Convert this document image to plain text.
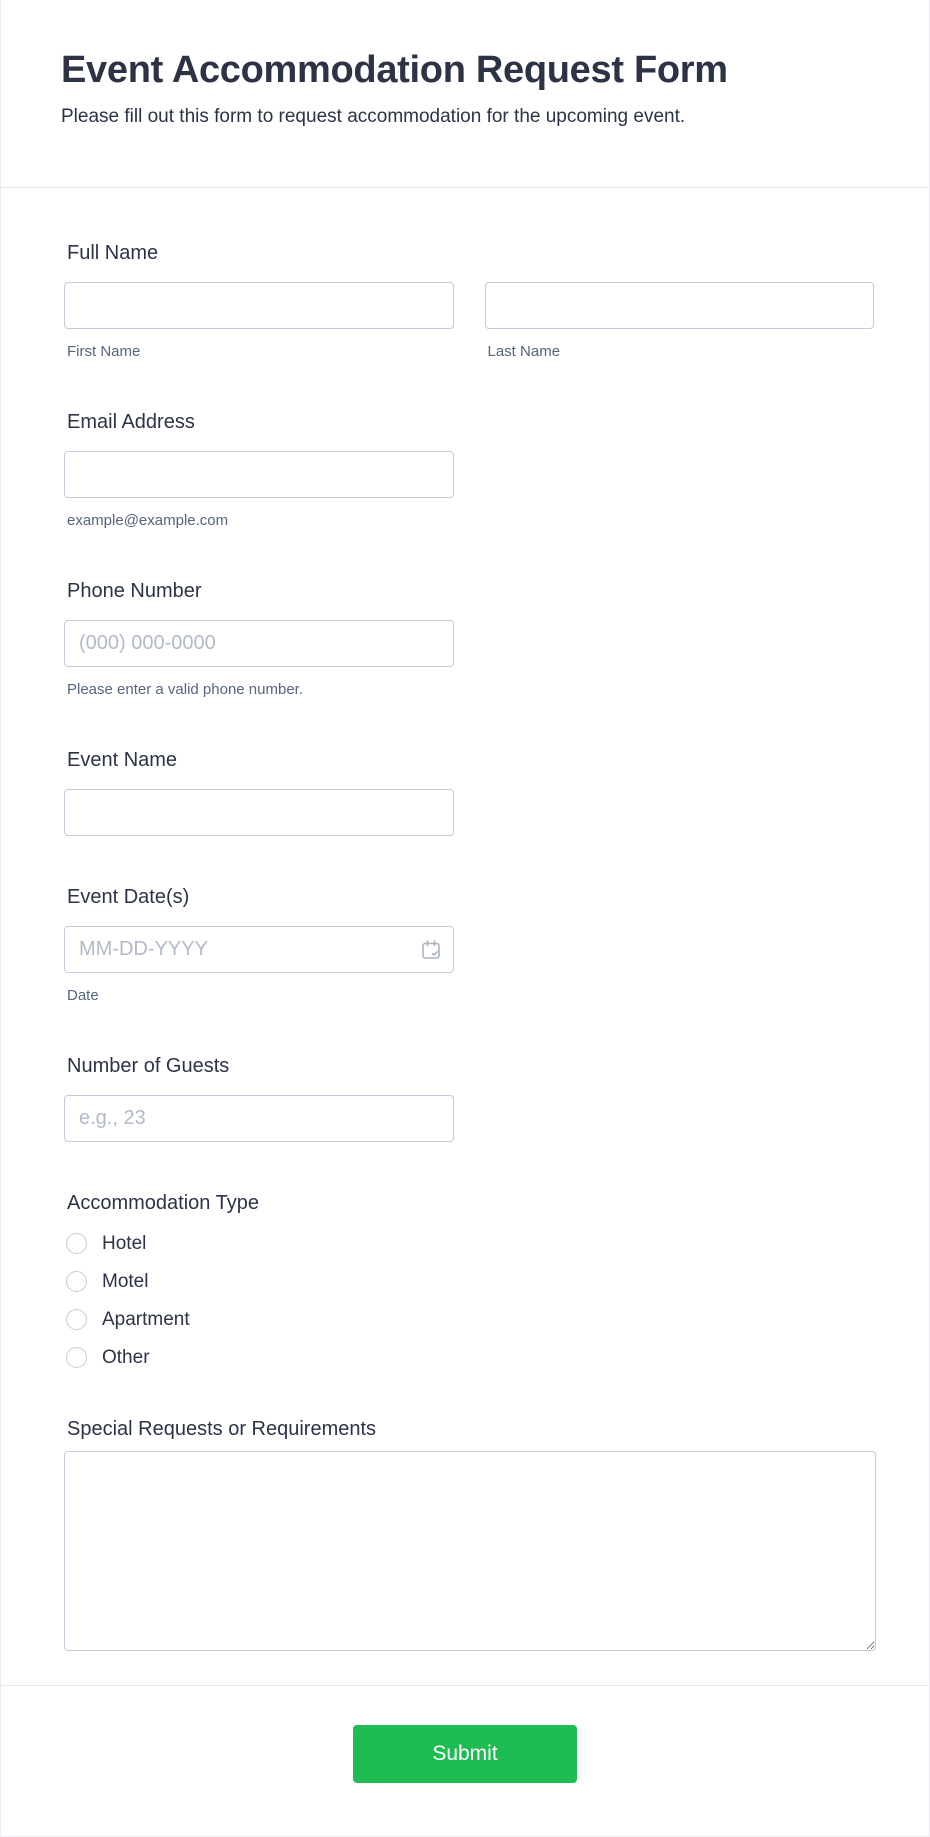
Event Accommodation Request Form
Please fill out this form to request accommodation for the upcoming event.
Full Name
First Name	Last Name
Email Address
example@example.com
Phone Number
(000) 000-0000
Please enter a valid phone number.
Event Name
Event Date(s)
MM-DD-YYYY
Date
Number of Guests
e.g., 23
Accommodation Type
Hotel
Motel
Apartment
Other
Special Requests or Requirements
Submit
